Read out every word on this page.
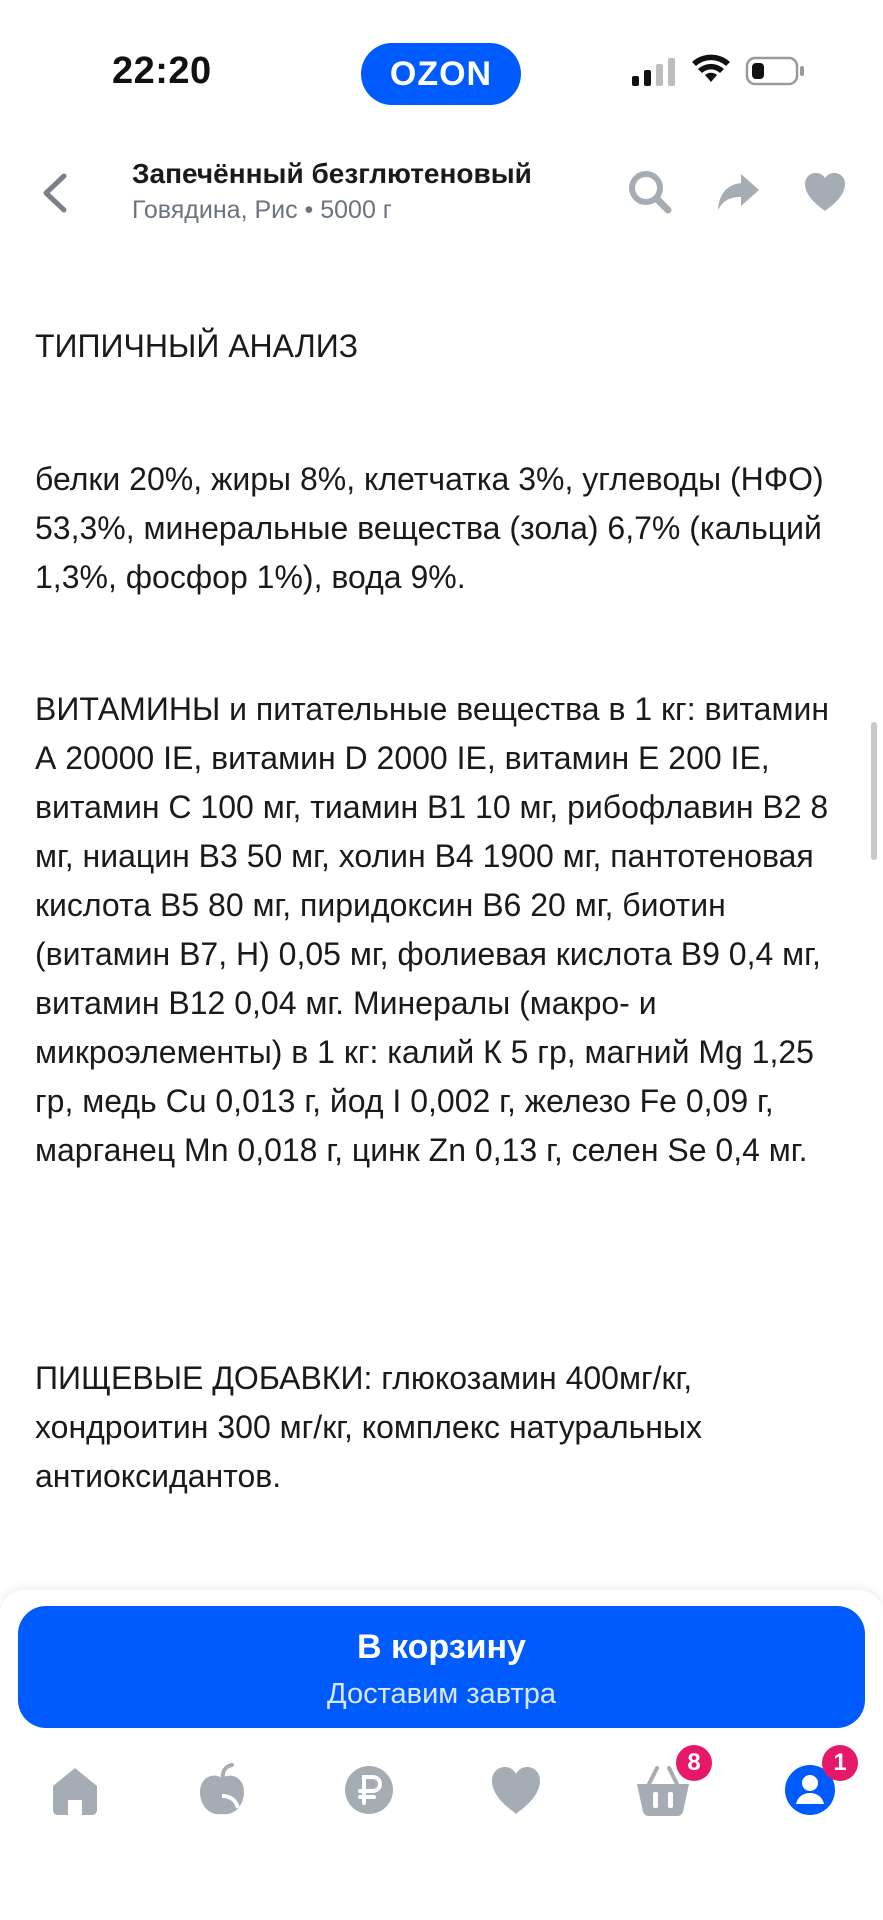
22:20	OZON
Запечённый безглютеновый
Говядина, Рис • 5000 г

ТИПИЧНЫЙ АНАЛИЗ

белки 20%, жиры 8%, клетчатка 3%, углеводы (НФО) 53,3%, минеральные вещества (зола) 6,7% (кальций 1,3%, фосфор 1%), вода 9%.

ВИТАМИНЫ и питательные вещества в 1 кг: витамин А 20000 IE, витамин D 2000 IE, витамин E 200 IE, витамин C 100 мг, тиамин B1 10 мг, рибофлавин B2 8 мг, ниацин B3 50 мг, холин B4 1900 мг, пантотеновая кислота B5 80 мг, пиридоксин B6 20 мг, биотин (витамин B7, H) 0,05 мг, фолиевая кислота B9 0,4 мг, витамин B12 0,04 мг. Минералы (макро- и микроэлементы) в 1 кг: калий К 5 гр, магний Mg 1,25 гр, медь Cu 0,013 г, йод I 0,002 г, железо Fe 0,09 г, марганец Mn 0,018 г, цинк Zn 0,13 г, селен Se 0,4 мг.

ПИЩЕВЫЕ ДОБАВКИ: глюкозамин 400мг/кг, хондроитин 300 мг/кг, комплекс натуральных антиоксидантов.

В корзину
Доставим завтра
8	1
